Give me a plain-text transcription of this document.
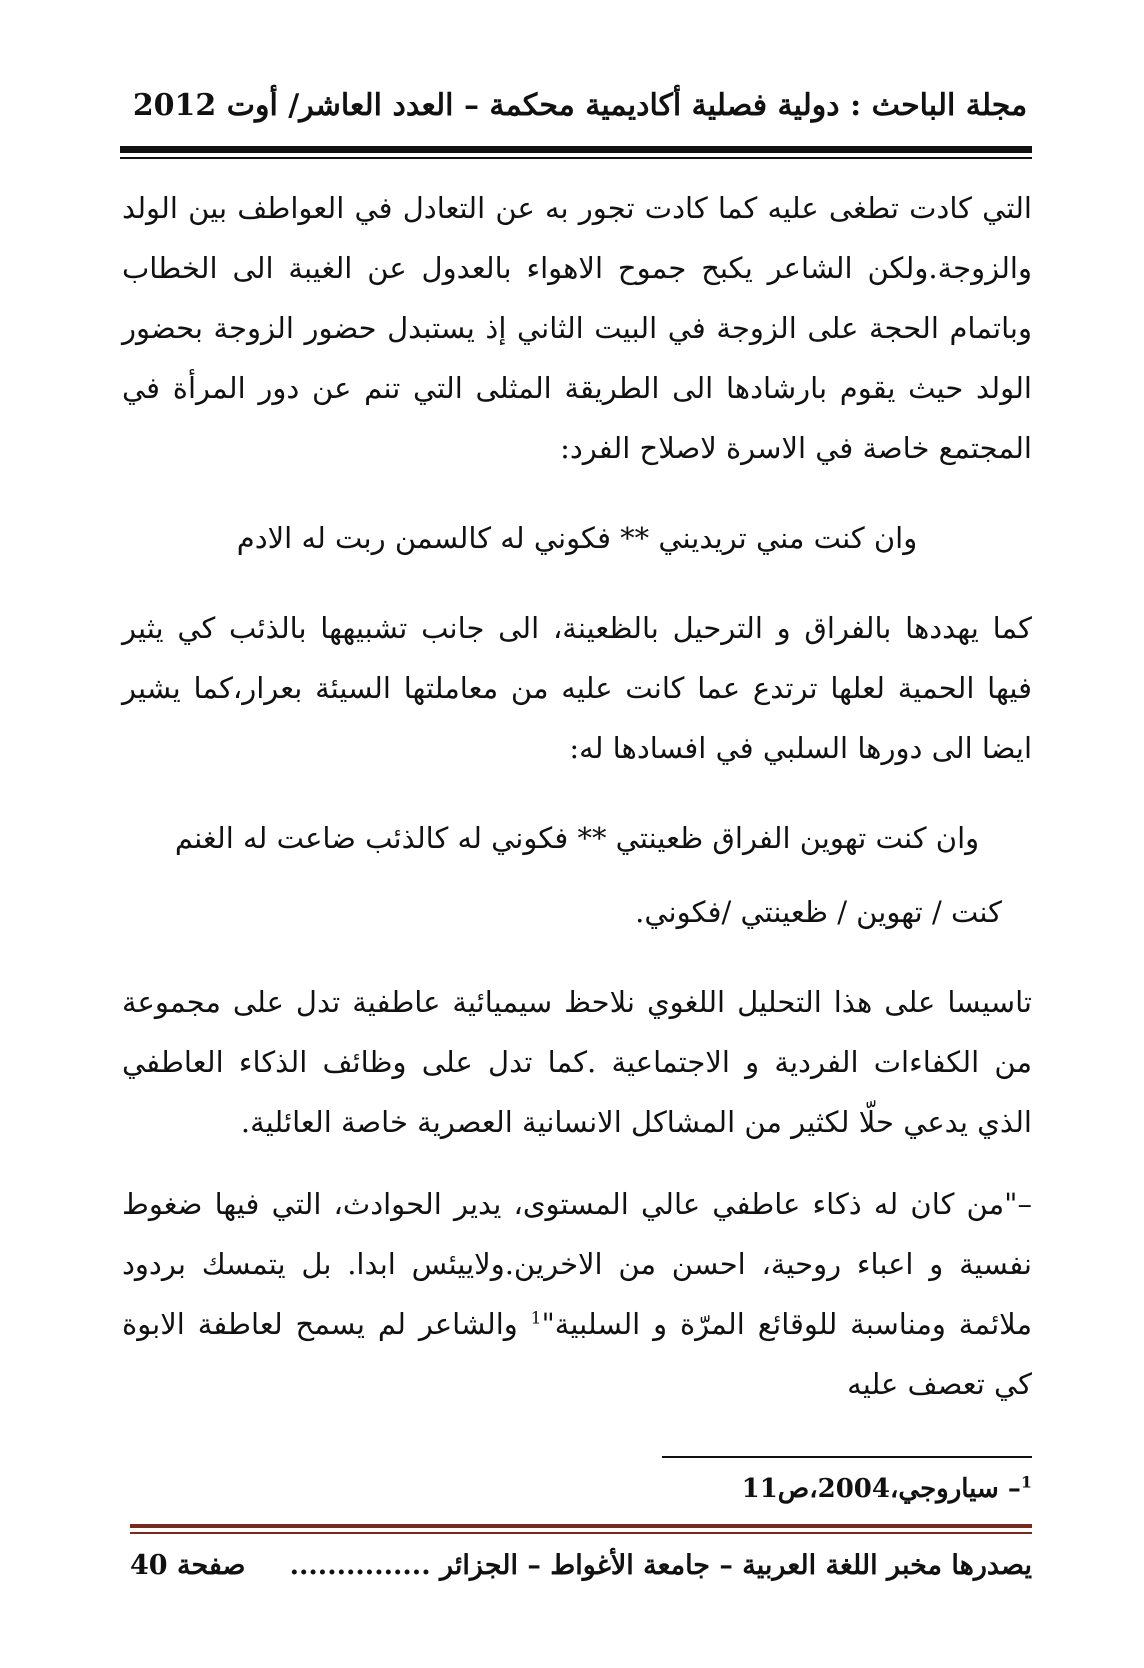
مجلة الباحث : دولية فصلية أكاديمية محكمة – العدد العاشر/ أوت 2012

التي كادت تطغى عليه كما كادت تجور به عن التعادل في العواطف بين الولد والزوجة.ولكن الشاعر يكبح جموح الاهواء بالعدول عن الغيبة الى الخطاب وباتمام الحجة على الزوجة في البيت الثاني إذ يستبدل حضور الزوجة بحضور الولد حيث يقوم بارشادها الى الطريقة المثلى التي تنم عن دور المرأة في المجتمع خاصة في الاسرة لاصلاح الفرد:

وان كنت مني تريديني ** فكوني له كالسمن ربت له الادم

كما يهددها بالفراق و الترحيل بالظعينة، الى جانب تشبيهها بالذئب كي يثير فيها الحمية لعلها ترتدع عما كانت عليه من معاملتها السيئة بعرار،كما يشير ايضا الى دورها السلبي في افسادها له:

وان كنت تهوين الفراق ظعينتي ** فكوني له كالذئب ضاعت له الغنم

كنت / تهوين / ظعينتي /فكوني.

تاسيسا على هذا التحليل اللغوي نلاحظ سيميائية عاطفية تدل على مجموعة من الكفاءات الفردية و الاجتماعية .كما تدل على وظائف الذكاء العاطفي الذي يدعي حلّا لكثير من المشاكل الانسانية العصرية خاصة العائلية.

–"من كان له ذكاء عاطفي عالي المستوى، يدير الحوادث، التي فيها ضغوط نفسية و اعباء روحية، احسن من الاخرين.ولاييئس ابدا. بل يتمسك بردود ملائمة ومناسبة للوقائع المرّة و السلبية"$^1$ والشاعر لم يسمح لعاطفة الابوة كي تعصف عليه

$^1$– سياروجي،2004،ص11
يصدرها مخبر اللغة العربية – جامعة الأغواط – الجزائر ...............
صفحة 40
